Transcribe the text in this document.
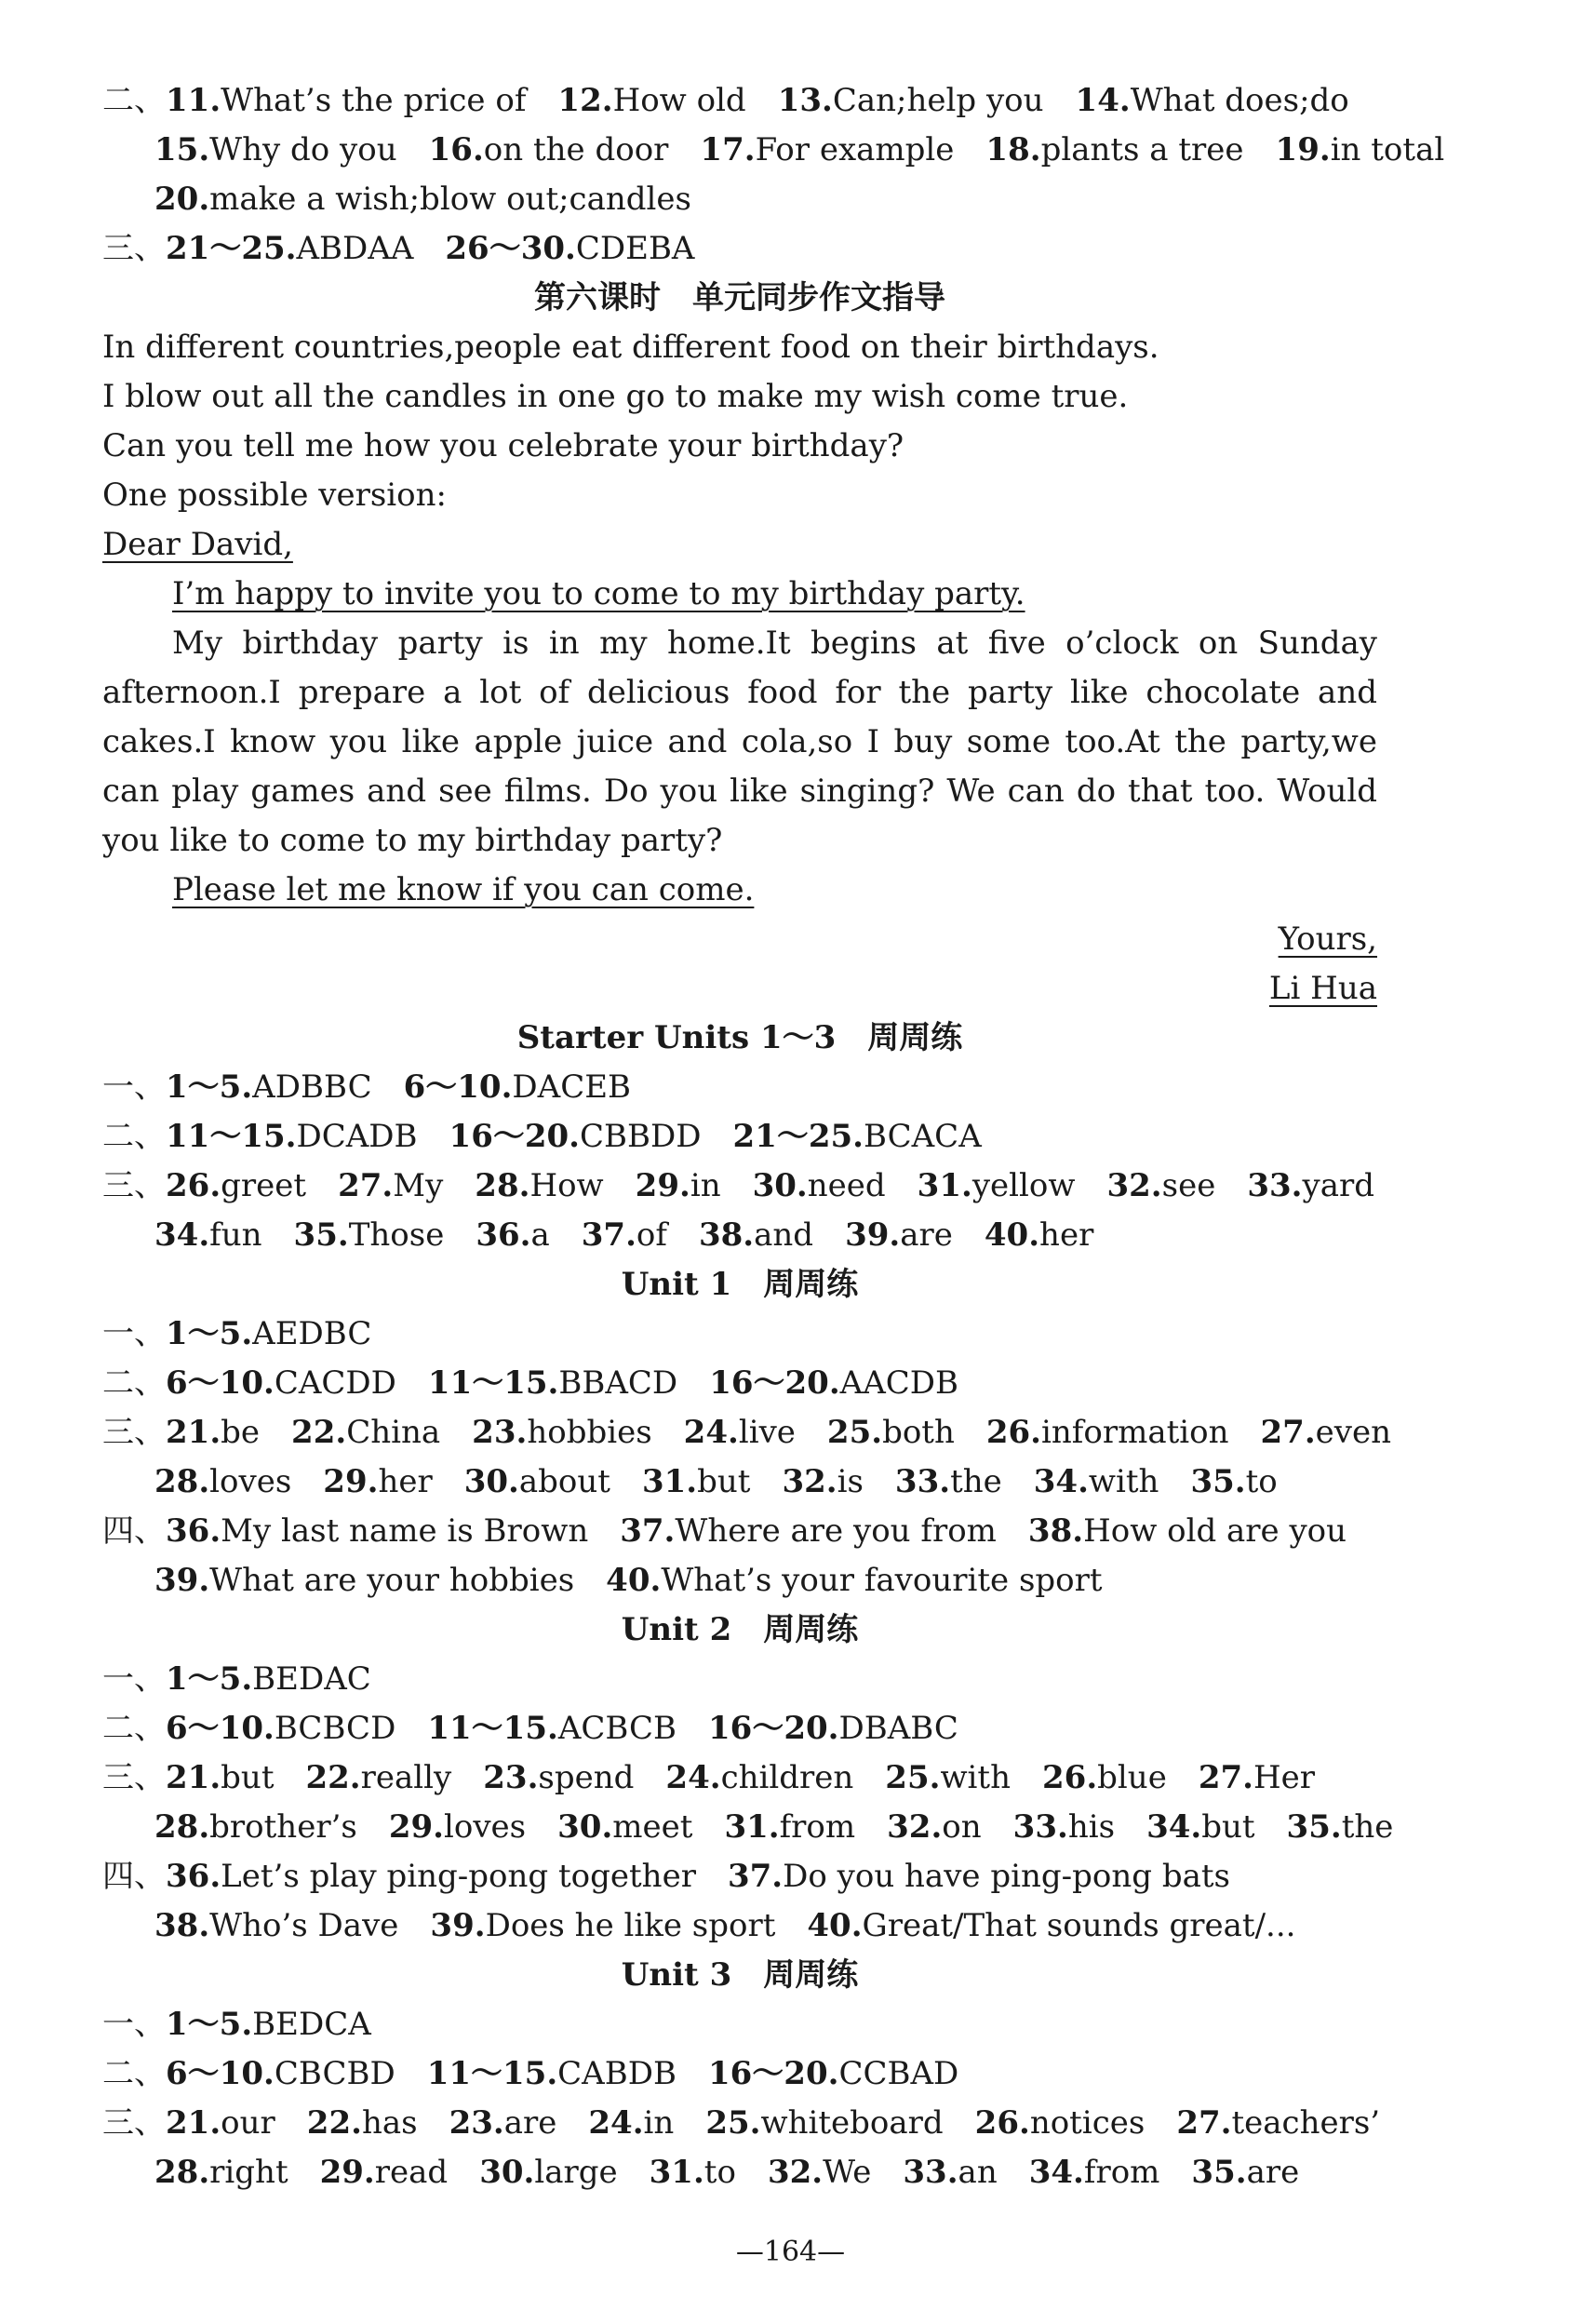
二、11.What’s the price of 12.How old 13.Can;help you 14.What does;do
15.Why do you 16.on the door 17.For example 18.plants a tree 19.in total
20.make a wish;blow out;candles
三、21～25.ABDAA 26～30.CDEBA
第六课时　单元同步作文指导
In different countries,people eat different food on their birthdays.
I blow out all the candles in one go to make my wish come true.
Can you tell me how you celebrate your birthday?
One possible version:
Dear David,
I’m happy to invite you to come to my birthday party.
My birthday party is in my home.It begins at five o’clock on Sunday afternoon.I prepare a lot of delicious food for the party like chocolate and cakes.I know you like apple juice and cola,so I buy some too.At the party,we can play games and see films. Do you like singing? We can do that too. Would you like to come to my birthday party?
Please let me know if you can come.
Yours,
Li Hua
Starter Units 1～3　周周练
一、1～5.ADBBC 6～10.DACEB
二、11～15.DCADB 16～20.CBBDD 21～25.BCACA
三、26.greet 27.My 28.How 29.in 30.need 31.yellow 32.see 33.yard
34.fun 35.Those 36.a 37.of 38.and 39.are 40.her
Unit 1　周周练
一、1～5.AEDBC
二、6～10.CACDD 11～15.BBACD 16～20.AACDB
三、21.be 22.China 23.hobbies 24.live 25.both 26.information 27.even
28.loves 29.her 30.about 31.but 32.is 33.the 34.with 35.to
四、36.My last name is Brown 37.Where are you from 38.How old are you
39.What are your hobbies 40.What’s your favourite sport
Unit 2　周周练
一、1～5.BEDAC
二、6～10.BCBCD 11～15.ACBCB 16～20.DBABC
三、21.but 22.really 23.spend 24.children 25.with 26.blue 27.Her
28.brother’s 29.loves 30.meet 31.from 32.on 33.his 34.but 35.the
四、36.Let’s play ping-pong together 37.Do you have ping-pong bats
38.Who’s Dave 39.Does he like sport 40.Great/That sounds great/...
Unit 3　周周练
一、1～5.BEDCA
二、6～10.CBCBD 11～15.CABDB 16～20.CCBAD
三、21.our 22.has 23.are 24.in 25.whiteboard 26.notices 27.teachers’
28.right 29.read 30.large 31.to 32.We 33.an 34.from 35.are
—164—
